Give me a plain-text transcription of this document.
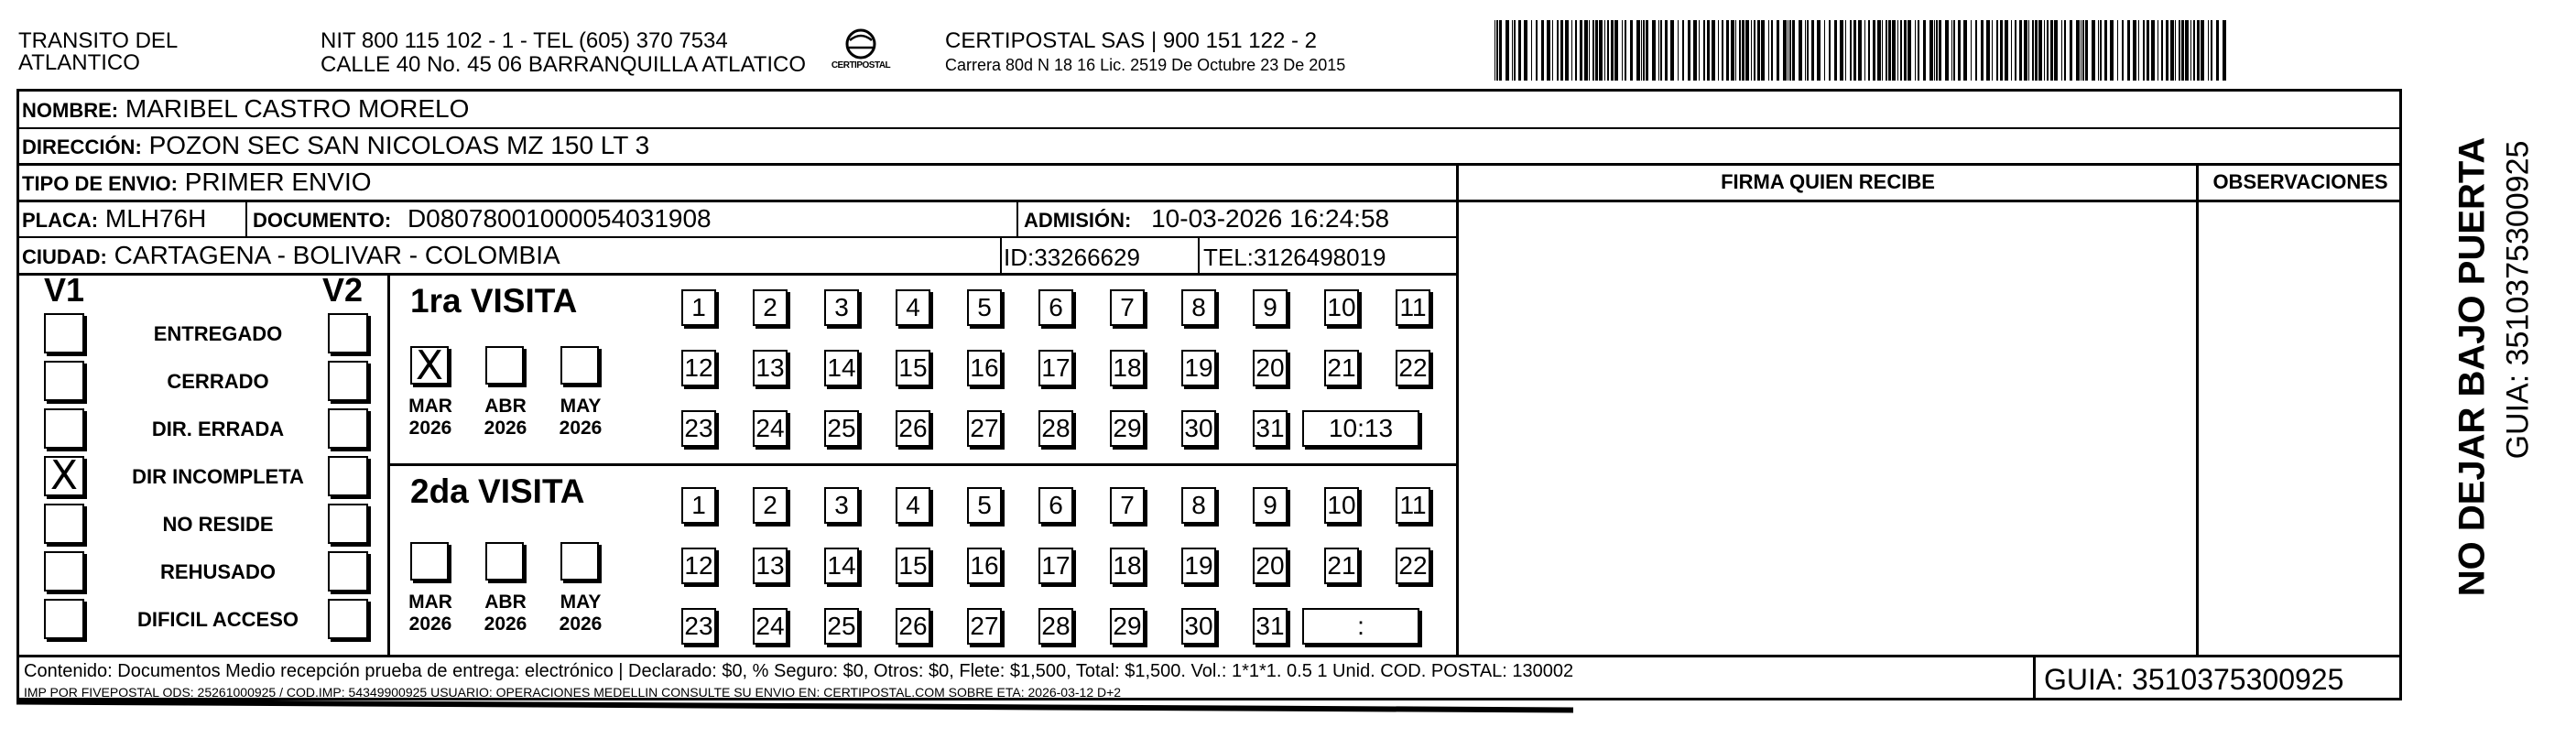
TRANSITO DEL
ATLANTICO
NIT 800 115 102 - 1 - TEL (605) 370 7534
CALLE 40 No. 45 06 BARRANQUILLA ATLATICO	CERTIPOSTAL
CERTIPOSTAL SAS | 900 151 122 - 2
Carrera 80d N 18 16 Lic. 2519 De Octubre 23 De 2015
NOMBRE: MARIBEL CASTRO MORELO
DIRECCIÓN: POZON SEC SAN NICOLOAS MZ 150 LT 3
TIPO DE ENVIO: PRIMER ENVIO
PLACA: MLH76H DOCUMENTO: D08078001000054031908	ADMISIÓN: 10-03-2026 16:24:58
CIUDAD: CARTAGENA - BOLIVAR - COLOMBIA	ID:33266629	TEL:3126498019
FIRMA QUIEN RECIBE	OBSERVACIONES
V1	V2
ENTREGADO
CERRADO
DIR. ERRADA
X	DIR INCOMPLETA
NO RESIDE
REHUSADO
DIFICIL ACCESO
1ra VISITA
X
MAR
2026
ABR
2026
MAY
2026
1	2	3	4	5	6	7	8	9	10 11
12 13 14 15 16 17 18 19 20 21 22
23 24 25 26 27 28 29 30 31	10:13
2da VISITA
MAR
2026
ABR
2026
MAY
2026
1	2	3	4	5	6	7	8	9	10 11
12 13 14 15 16 17 18 19 20 21 22
23 24 25 26 27 28 29 30 31	:
Contenido: Documentos Medio recepción prueba de entrega: electrónico | Declarado: $0, % Seguro: $0, Otros: $0, Flete: $1,500, Total: $1,500. Vol.: 1*1*1. 0.5 1 Unid. COD. POSTAL: 130002
IMP POR FIVEPOSTAL ODS: 25261000925 / COD.IMP: 54349900925 USUARIO: OPERACIONES MEDELLIN CONSULTE SU ENVIO EN: CERTIPOSTAL.COM SOBRE ETA: 2026-03-12 D+2	GUIA: 3510375300925
NO DEJAR BAJO PUERTA GUIA: 3510375300925
